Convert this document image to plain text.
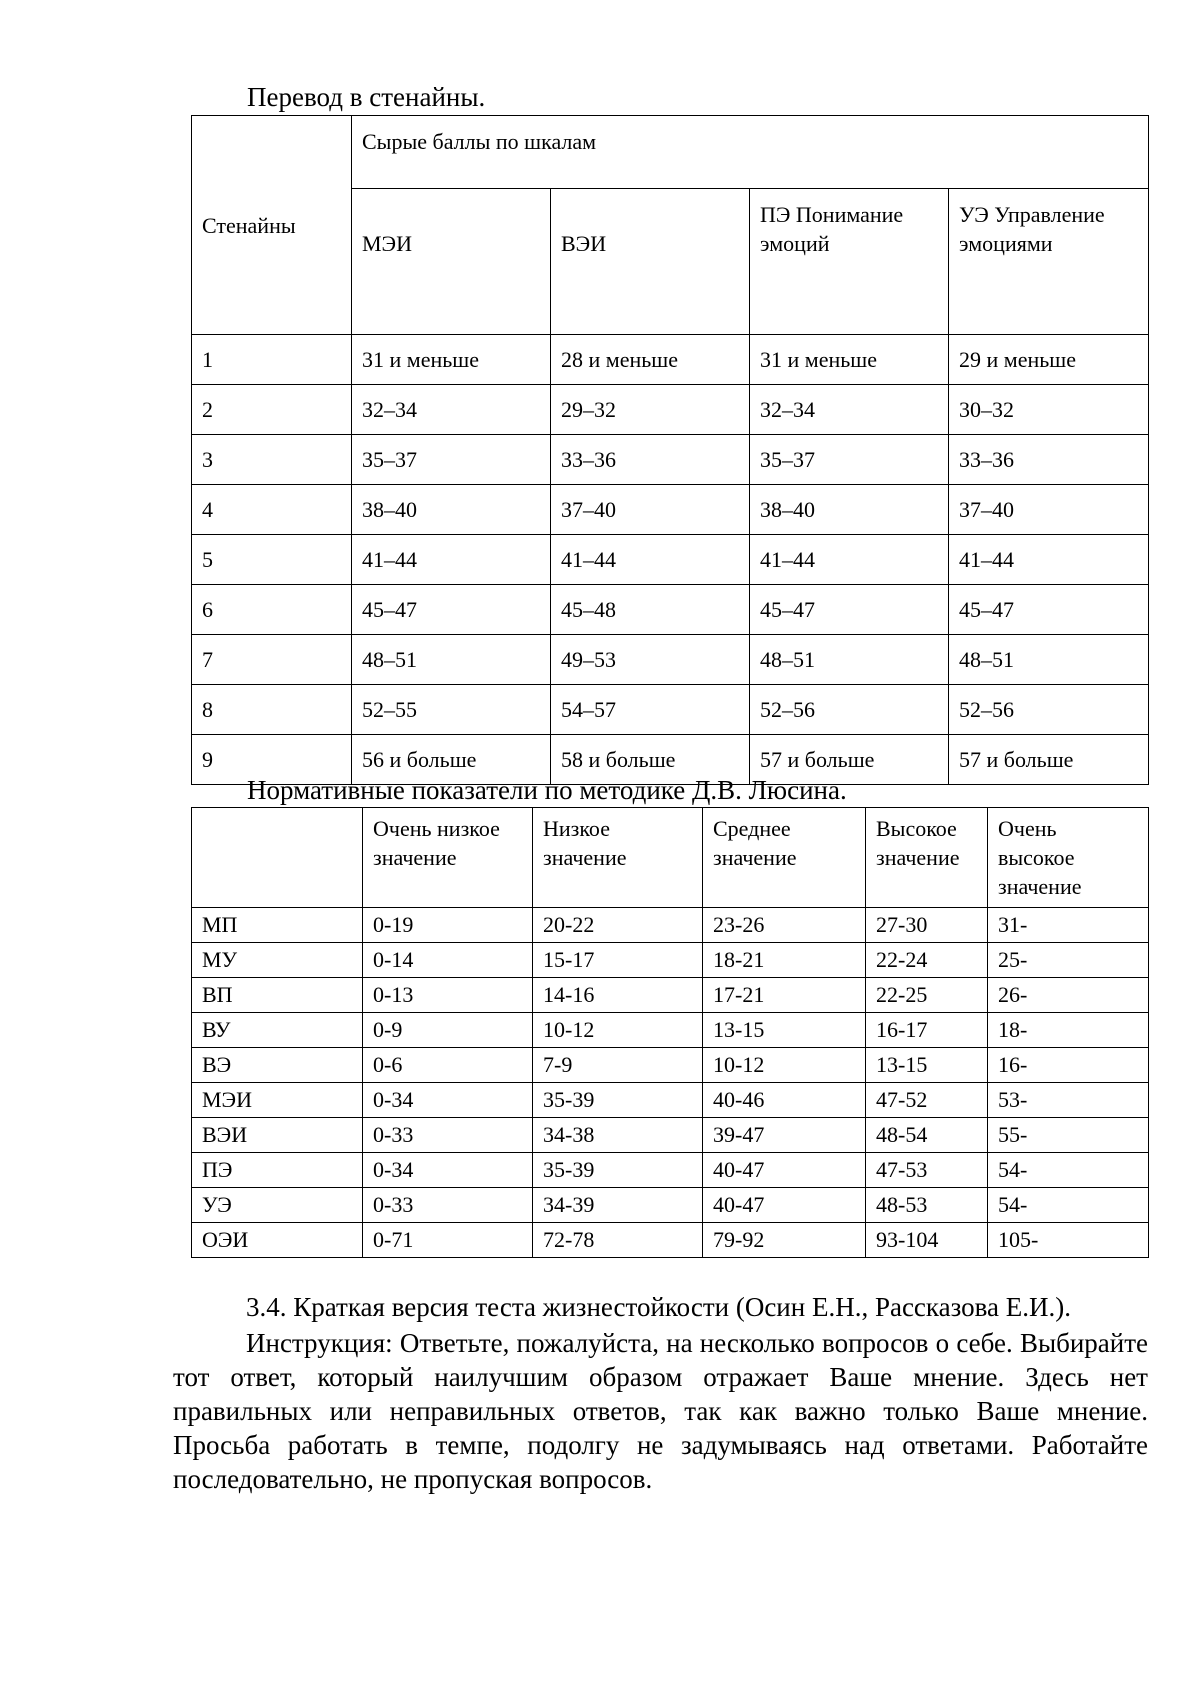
Перевод в стенайны.
Стенайны	Сырые баллы по шкалам			
	МЭИ	ВЭИ	ПЭ Понимание эмоций	УЭ Управление эмоциями
1	31 и меньше	28 и меньше	31 и меньше	29 и меньше
2	32–34	29–32	32–34	30–32
3	35–37	33–36	35–37	33–36
4	38–40	37–40	38–40	37–40
5	41–44	41–44	41–44	41–44
6	45–47	45–48	45–47	45–47
7	48–51	49–53	48–51	48–51
8	52–55	54–57	52–56	52–56
9	56 и больше	58 и больше	57 и больше	57 и больше
Нормативные показатели по методике Д.В. Люсина.
	Очень низкое значение	Низкое значение	Среднее значение	Высокое значение	Очень высокое значение
МП	0-19	20-22	23-26	27-30	31-
МУ	0-14	15-17	18-21	22-24	25-
ВП	0-13	14-16	17-21	22-25	26-
ВУ	0-9	10-12	13-15	16-17	18-
ВЭ	0-6	7-9	10-12	13-15	16-
МЭИ	0-34	35-39	40-46	47-52	53-
ВЭИ	0-33	34-38	39-47	48-54	55-
ПЭ	0-34	35-39	40-47	47-53	54-
УЭ	0-33	34-39	40-47	48-53	54-
ОЭИ	0-71	72-78	79-92	93-104	105-
3.4. Краткая версия теста жизнестойкости (Осин Е.Н., Рассказова Е.И.).
Инструкция: Ответьте, пожалуйста, на несколько вопросов о себе. Выбирайте тот ответ, который наилучшим образом отражает Ваше мнение. Здесь нет правильных или неправильных ответов, так как важно только Ваше мнение. Просьба работать в темпе, подолгу не задумываясь над ответами. Работайте последовательно, не пропуская вопросов.
